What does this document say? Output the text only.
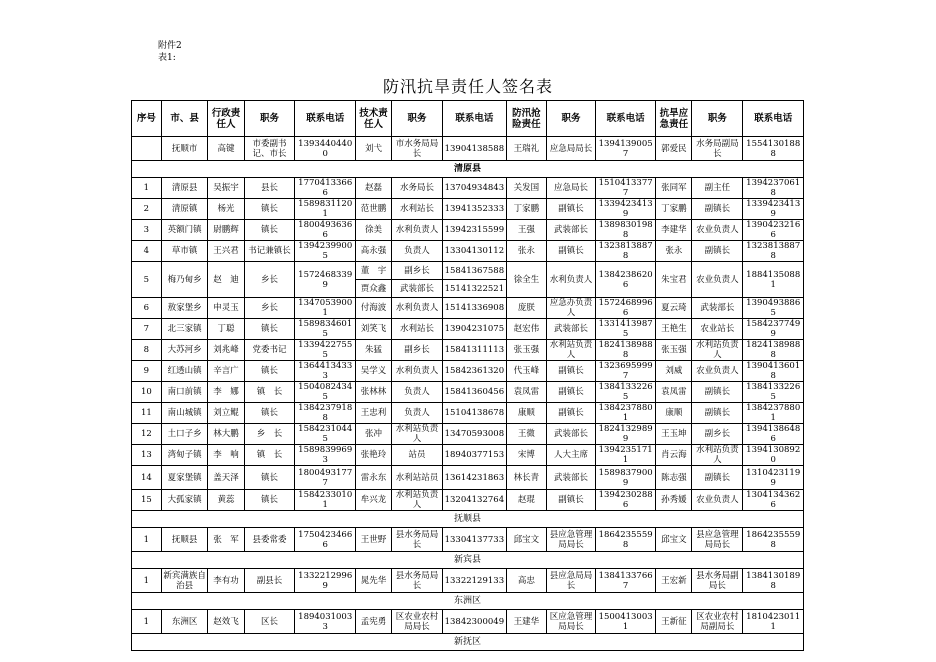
附件2
表1:
防汛抗旱责任人签名表
序号	市、县	行政责任人	职务	联系电话	技术责任人	职务	联系电话	防汛抢险责任	职务	联系电话	抗旱应急责任	职务	联系电话
	抚顺市	高键	市委副书记、市长	13934404400	刘弋	市水务局局长	13904138588	王瑞礼	应急局局长	13941390057	郭爱民	水务局副局长	15541301888
清原县													
1	清原县	吴振宇	县长	17704133666	赵磊	水务局长	13704934843	关发国	应急局长	15104133777	张同军	副主任	13942370618
2	清原镇	杨光	镇长	15898311201	范世鹏	水利站长	13941352333	丁家鹏	副镇长	13394234139	丁家鹏	副镇长	13394234139
3	英额门镇	尉鹏辉	镇长	18004936366	徐美	水利负责人	13942315599	王强	武装部长	13898301988	李建华	农业负责人	13904232166
4	草市镇	王兴君	书记兼镇长	13942399005	高永强	负责人	13304130112	张永	副镇长	13238138878	张永	副镇长	13238138878
5	梅乃甸乡	赵　迪	乡长	15724683399	董　宇	副乡长	15841367588	徐全生	水利负责人	13842386206	朱宝君	农业负责人	18841350881
					贾众鑫	武装部长	15141322521						
6	敖家堡乡	申灵玉	乡长	13470539001	付海波	水利负责人	15141336908	庞朕	应急办负责人	15724689966	夏云琦	武装部长	13904938865
7	北三家镇	丁聪	镇长	15898346015	刘笑飞	水利站长	13904231075	赵宏伟	武装部长	13314139875	王艳生	农业站长	15842377499
8	大苏河乡	刘兆峰	党委书记	13394227555	朱猛	副乡长	15841311113	张玉强	水利站负责人	18241389888	张玉强	水利站负责人	18241389888
9	红透山镇	辛言广	镇长	13644134333	吴学义	水利负责人	15842361320	代玉峰	副镇长	13236959997	刘威	农业负责人	13904136018
10	南口前镇	李　娜	镇　长	15040824345	张林林	负责人	15841360456	袁凤雷	副镇长	13841332265	袁凤雷	副镇长	13841332265
11	南山城镇	刘立鲲	镇长	13842379188	王忠利	负责人	15104138678	康顺	副镇长	13842378801	康顺	副镇长	13842378801
12	土口子乡	林大鹏	乡　长	15842310445	张冲	水利站负责人	13470593008	王微	武装部长	18241329899	王玉坤	副乡长	13941386486
13	湾甸子镇	李　响	镇　长	15898399693	张艳玲	站员	18940377153	宋博	人大主席	13942351711	肖云海	水利站负责人	13941308920
14	夏家堡镇	盖天泽	镇长	18004931777	雷永东	水利站站员	13614231863	林长青	武装部长	15898379009	陈志强	副镇长	13104231199
15	大孤家镇	黄蕊	镇长	15842330101	牟兴龙	水利站负责人	13204132764	赵琨	副镇长	13942302886	孙秀媛	农业负责人	13041343626
抚顺县													
1	抚顺县	张　军	县委常委	17504234666	王世野	县水务局局长	13304137733	邱宝文	县应急管理局局长	18642355598	邱宝文	县应急管理局局长	18642355598
新宾县													
1	新宾满族自治县	李有功	副县长	13322129969	晁先华	县水务局局长	13322129133	高忠	县应急局局长	13841337667	王宏新	县水务局副局长	13841301898
东洲区													
1	东洲区	赵效飞	区长	18940310033	孟宪勇	区农业农村局局长	13842300049	王建华	区应急管理局局长	15004130031	王新征	区农业农村局副局长	18104230111
新抚区													
